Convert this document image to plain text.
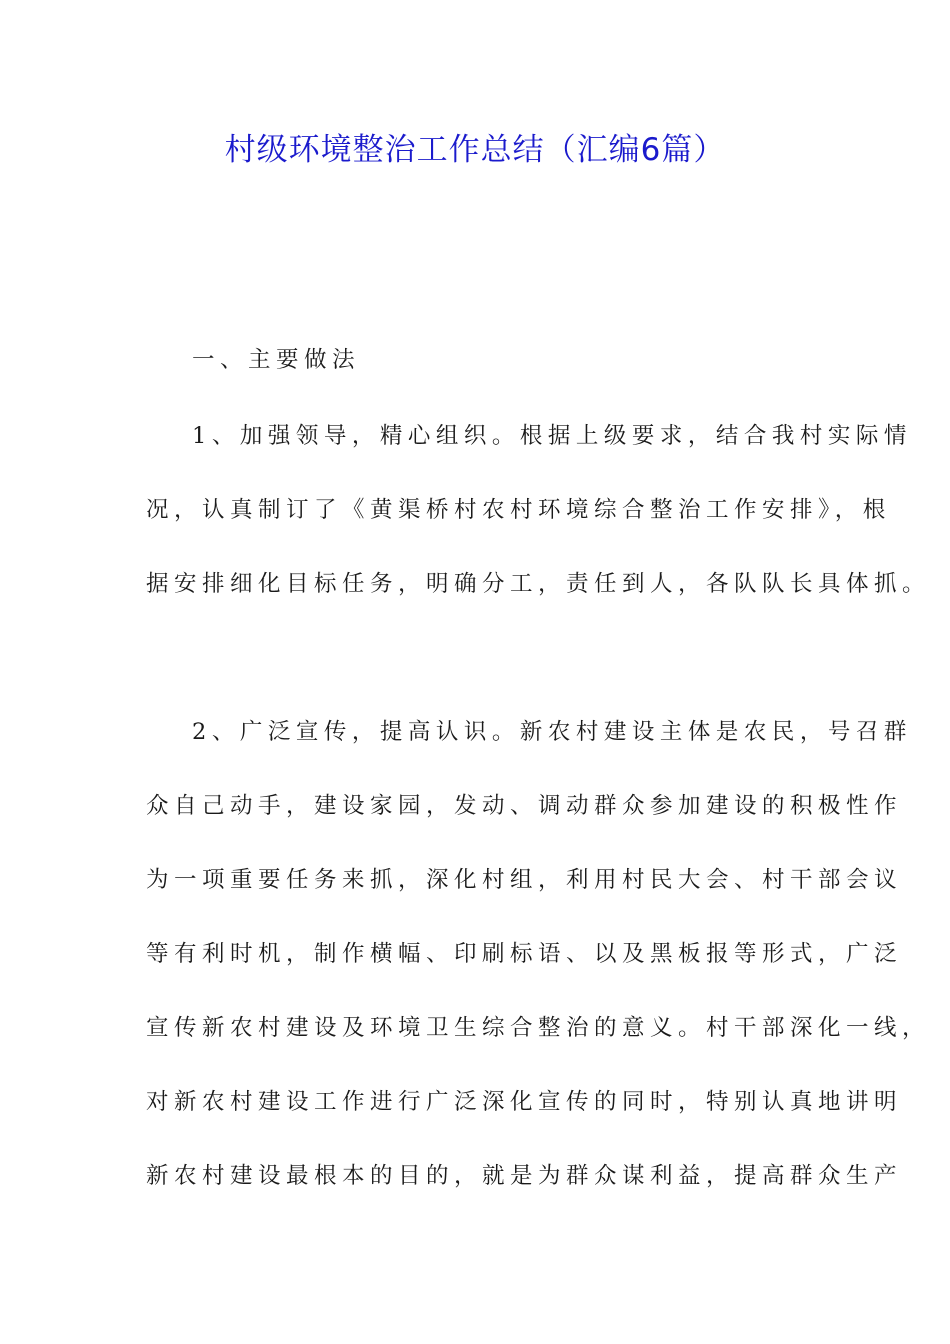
村级环境整治工作总结（汇编6篇）
一、主要做法
1、加强领导，精心组织。根据上级要求，结合我村实际情
况，认真制订了《黄渠桥村农村环境综合整治工作安排》，根
据安排细化目标任务，明确分工，责任到人，各队队长具体抓。
2、广泛宣传，提高认识。新农村建设主体是农民，号召群
众自己动手，建设家园，发动、调动群众参加建设的积极性作
为一项重要任务来抓，深化村组，利用村民大会、村干部会议
等有利时机，制作横幅、印刷标语、以及黑板报等形式，广泛
宣传新农村建设及环境卫生综合整治的意义。村干部深化一线，
对新农村建设工作进行广泛深化宣传的同时，特别认真地讲明
新农村建设最根本的目的，就是为群众谋利益，提高群众生产
